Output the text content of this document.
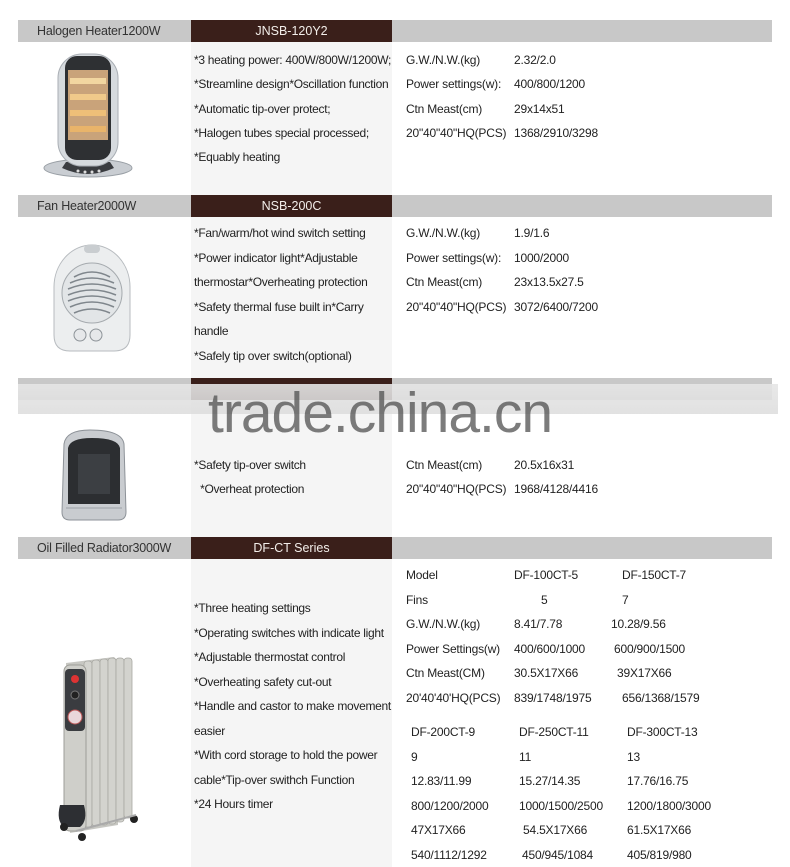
Halogen Heater1200W	JNSB-120Y2
*3 heating power: 400W/800W/1200W;
*Streamline design*Oscillation function
*Automatic tip-over protect;
*Halogen tubes special processed;
*Equably heating
G.W./N.W.(kg)	2.32/2.0
Power settings(w): 400/800/1200
Ctn Meast(cm)	29x14x51
20"40"40"HQ(PCS) 1368/2910/3298
Fan Heater2000W	NSB-200C
*Fan/warm/hot wind switch setting
*Power indicator light*Adjustable
thermostar*Overheating protection
*Safety thermal fuse built in*Carry
handle
*Safely tip over switch(optional)
G.W./N.W.(kg)	1.9/1.6
Power settings(w): 1000/2000
Ctn Meast(cm)	23x13.5x27.5
20"40"40"HQ(PCS) 3072/6400/7200
*Safety tip-over switch
*Overheat protection
Ctn Meast(cm)	20.5x16x31
20"40"40"HQ(PCS) 1968/4128/4416
trade.china.cn
Oil Filled Radiator3000W	DF-CT Series
*Three heating settings
*Operating switches with indicate light
*Adjustable thermostat control
*Overheating safety cut-out
*Handle and castor to make movement
easier
*With cord storage to hold the power
cable*Tip-over swithch Function
*24 Hours timer
Model	DF-100CT-5	DF-150CT-7
Fins	5	7
G.W./N.W.(kg)	8.41/7.78	10.28/9.56
Power Settings(w) 400/600/1000 600/900/1500
Ctn Meast(CM) 30.5X17X66	39X17X66
20'40'40'HQ(PCS) 839/1748/1975	656/1368/1579
DF-200CT-9	DF-250CT-11	DF-300CT-13
9	11	13
12.83/11.99	15.27/14.35	17.76/16.75
800/1200/2000	1000/1500/2500 1200/1800/3000
47X17X66	54.5X17X66	61.5X17X66
540/1112/1292	450/945/1084	405/819/980
